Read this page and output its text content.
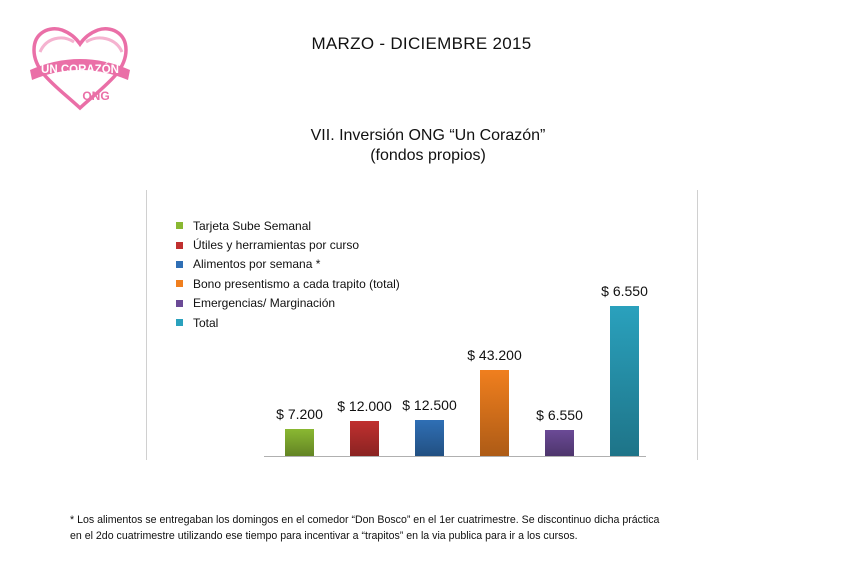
UN CORAZÓN
ONG
MARZO - DICIEMBRE 2015
VII. Inversión ONG “Un Corazón”
(fondos propios)
$ 7.200 $ 12.000 $ 12.500
$ 43.200
$ 6.550
$ 6.550
Tarjeta Sube Semanal
Útiles y herramientas por curso
Alimentos por semana *
Bono presentismo a cada trapito (total)
Emergencias/ Marginación
Total
* Los alimentos se entregaban los domingos en el comedor “Don Bosco” en el 1er cuatrimestre. Se discontinuo dicha práctica
en el 2do cuatrimestre utilizando ese tiempo para incentivar a “trapitos” en la via publica para ir a los cursos.
